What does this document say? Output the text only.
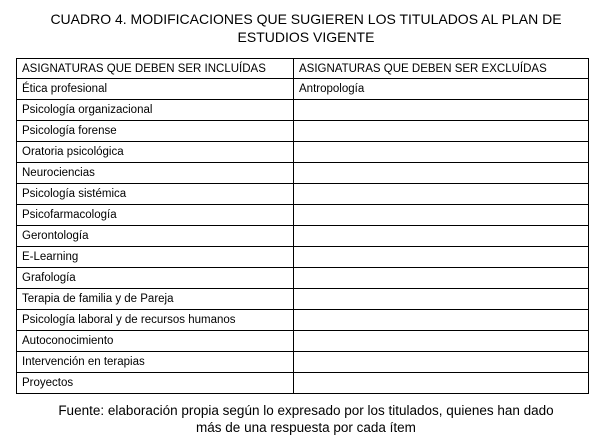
CUADRO 4. MODIFICACIONES QUE SUGIEREN LOS TITULADOS AL PLAN DE
ESTUDIOS VIGENTE
ASIGNATURAS QUE DEBEN SER INCLUÍDAS	ASIGNATURAS QUE DEBEN SER EXCLUÍDAS
Ética profesional	Antropología
Psicología organizacional	
Psicología forense	
Oratoria psicológica	
Neurociencias	
Psicología sistémica	
Psicofarmacología	
Gerontología	
E-Learning	
Grafología	
Terapia de familia y de Pareja	
Psicología laboral y de recursos humanos	
Autoconocimiento	
Intervención en terapias	
Proyectos	
Fuente: elaboración propia según lo expresado por los titulados, quienes han dado
más de una respuesta por cada ítem
